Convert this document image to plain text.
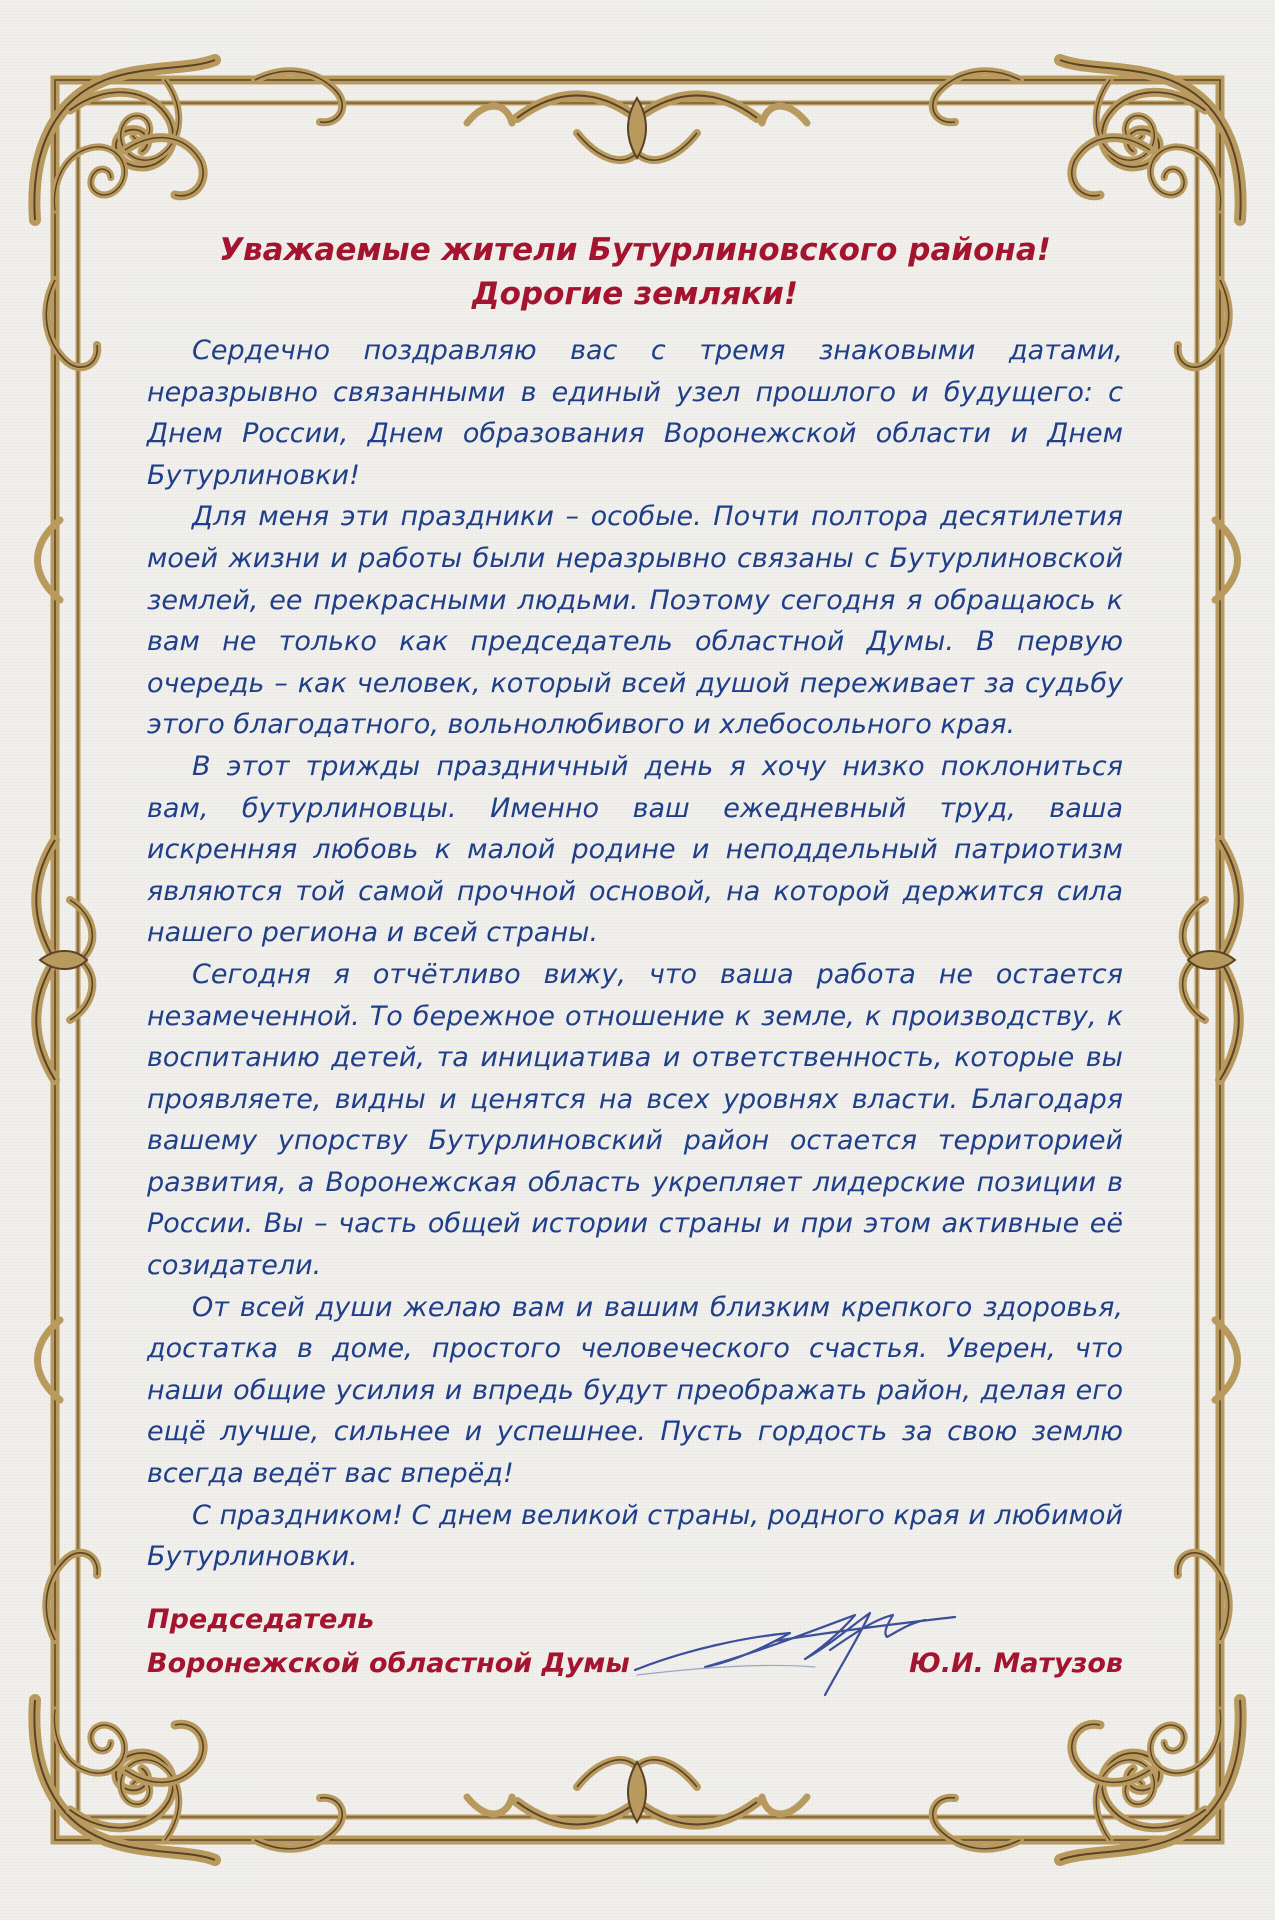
Уважаемые жители Бутурлиновского района!
Дорогие земляки!

Сердечно поздравляю вас с тремя знаковыми датами, неразрывно связанными в единый узел прошлого и будущего: с Днем России, Днем образования Воронежской области и Днем Бутурлиновки!

Для меня эти праздники – особые. Почти полтора десятилетия моей жизни и работы были неразрывно связаны с Бутурлиновской землей, ее прекрасными людьми. Поэтому сегодня я обращаюсь к вам не только как председатель областной Думы. В первую очередь – как человек, который всей душой переживает за судьбу этого благодатного, вольнолюбивого и хлебосольного края.

В этот трижды праздничный день я хочу низко поклониться вам, бутурлиновцы. Именно ваш ежедневный труд, ваша искренняя любовь к малой родине и неподдельный патриотизм являются той самой прочной основой, на которой держится сила нашего региона и всей страны.

Сегодня я отчётливо вижу, что ваша работа не остается незамеченной. То бережное отношение к земле, к производству, к воспитанию детей, та инициатива и ответственность, которые вы проявляете, видны и ценятся на всех уровнях власти. Благодаря вашему упорству Бутурлиновский район остается территорией развития, а Воронежская область укрепляет лидерские позиции в России. Вы – часть общей истории страны и при этом активные её созидатели.

От всей души желаю вам и вашим близким крепкого здоровья, достатка в доме, простого человеческого счастья. Уверен, что наши общие усилия и впредь будут преображать район, делая его ещё лучше, сильнее и успешнее. Пусть гордость за свою землю всегда ведёт вас вперёд!

С праздником! С днем великой страны, родного края и любимой Бутурлиновки.

Председатель
Воронежской областной Думы	Ю.И. Матузов
